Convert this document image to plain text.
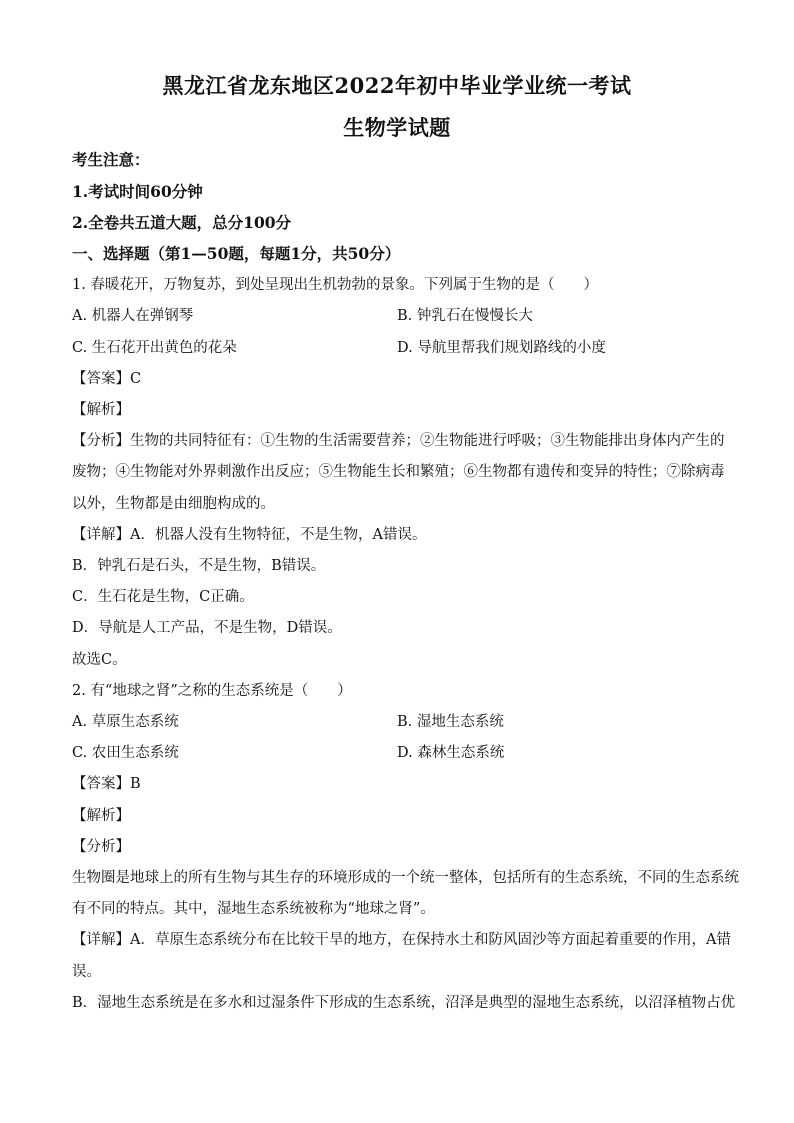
黑龙江省龙东地区2022年初中毕业学业统一考试
生物学试题
考生注意：
1.考试时间60分钟
2.全卷共五道大题，总分100分
一、选择题（第1—50题，每题1分，共50分）
1. 春暖花开，万物复苏，到处呈现出生机勃勃的景象。下列属于生物的是（　　）
A. 机器人在弹钢琴	B. 钟乳石在慢慢长大
C. 生石花开出黄色的花朵	D. 导航里帮我们规划路线的小度
【答案】C
【解析】
【分析】生物的共同特征有：①生物的生活需要营养；②生物能进行呼吸；③生物能排出身体内产生的
废物；④生物能对外界刺激作出反应；⑤生物能生长和繁殖；⑥生物都有遗传和变异的特性；⑦除病毒
以外，生物都是由细胞构成的。
【详解】A．机器人没有生物特征，不是生物，A错误。
B．钟乳石是石头，不是生物，B错误。
C．生石花是生物，C正确。
D．导航是人工产品，不是生物，D错误。
故选C。
2. 有“地球之肾”之称的生态系统是（　　）
A. 草原生态系统	B. 湿地生态系统
C. 农田生态系统	D. 森林生态系统
【答案】B
【解析】
【分析】
生物圈是地球上的所有生物与其生存的环境形成的一个统一整体，包括所有的生态系统，不同的生态系统
有不同的特点。其中，湿地生态系统被称为“地球之肾”。
【详解】A．草原生态系统分布在比较干旱的地方，在保持水土和防风固沙等方面起着重要的作用，A错
误。
B．湿地生态系统是在多水和过湿条件下形成的生态系统，沼泽是典型的湿地生态系统，以沼泽植物占优
